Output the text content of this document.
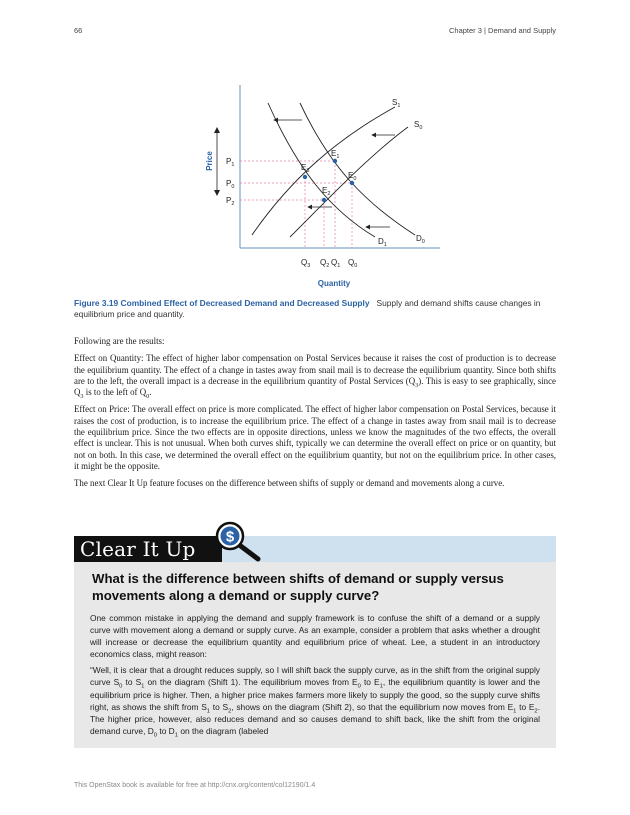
66	Chapter 3 | Demand and Supply
Price
Quantity
$S_1$
$S_0$
$D_0$
$D_1$
$P_1$
$P_0$
$P_2$
$E_1$
$E_0$
$E_3$
$E_2$
$Q_3$ $Q_2$ $Q_1$ $Q_0$
Figure 3.19 Combined Effect of Decreased Demand and Decreased Supply Supply and demand shifts cause changes in equilibrium price and quantity.

Following are the results:

Effect on Quantity: The effect of higher labor compensation on Postal Services because it raises the cost of production is to decrease the equilibrium quantity. The effect of a change in tastes away from snail mail is to decrease the equilibrium quantity. Since both shifts are to the left, the overall impact is a decrease in the equilibrium quantity of Postal Services $(Q_3)$. This is easy to see graphically, since $Q_3$ is to the left of $Q_0$.

Effect on Price: The overall effect on price is more complicated. The effect of higher labor compensation on Postal Services, because it raises the cost of production, is to increase the equilibrium price. The effect of a change in tastes away from snail mail is to decrease the equilibrium price. Since the two effects are in opposite directions, unless we know the magnitudes of the two effects, the overall effect is unclear. This is not unusual. When both curves shift, typically we can determine the overall effect on price or on quantity, but not on both. In this case, we determined the overall effect on the equilibrium quantity, but not on the equilibrium price. In other cases, it might be the opposite.

The next Clear It Up feature focuses on the difference between shifts of supply or demand and movements along a curve.

Clear It Up $
What is the difference between shifts of demand or supply versus movements along a demand or supply curve?

One common mistake in applying the demand and supply framework is to confuse the shift of a demand or a supply curve with movement along a demand or supply curve. As an example, consider a problem that asks whether a drought will increase or decrease the equilibrium quantity and equilibrium price of wheat. Lee, a student in an introductory economics class, might reason:

“Well, it is clear that a drought reduces supply, so I will shift back the supply curve, as in the shift from the original supply curve $S_0$ to $S_1$ on the diagram (Shift 1). The equilibrium moves from $E_0$ to $E_1$, the equilibrium quantity is lower and the equilibrium price is higher. Then, a higher price makes farmers more likely to supply the good, so the supply curve shifts right, as shows the shift from $S_1$ to $S_2$, shows on the diagram (Shift 2), so that the equilibrium now moves from $E_1$ to $E_2$. The higher price, however, also reduces demand and so causes demand to shift back, like the shift from the original demand curve, $D_0$ to $D_1$ on the diagram (labeled

This OpenStax book is available for free at http://cnx.org/content/col12190/1.4
